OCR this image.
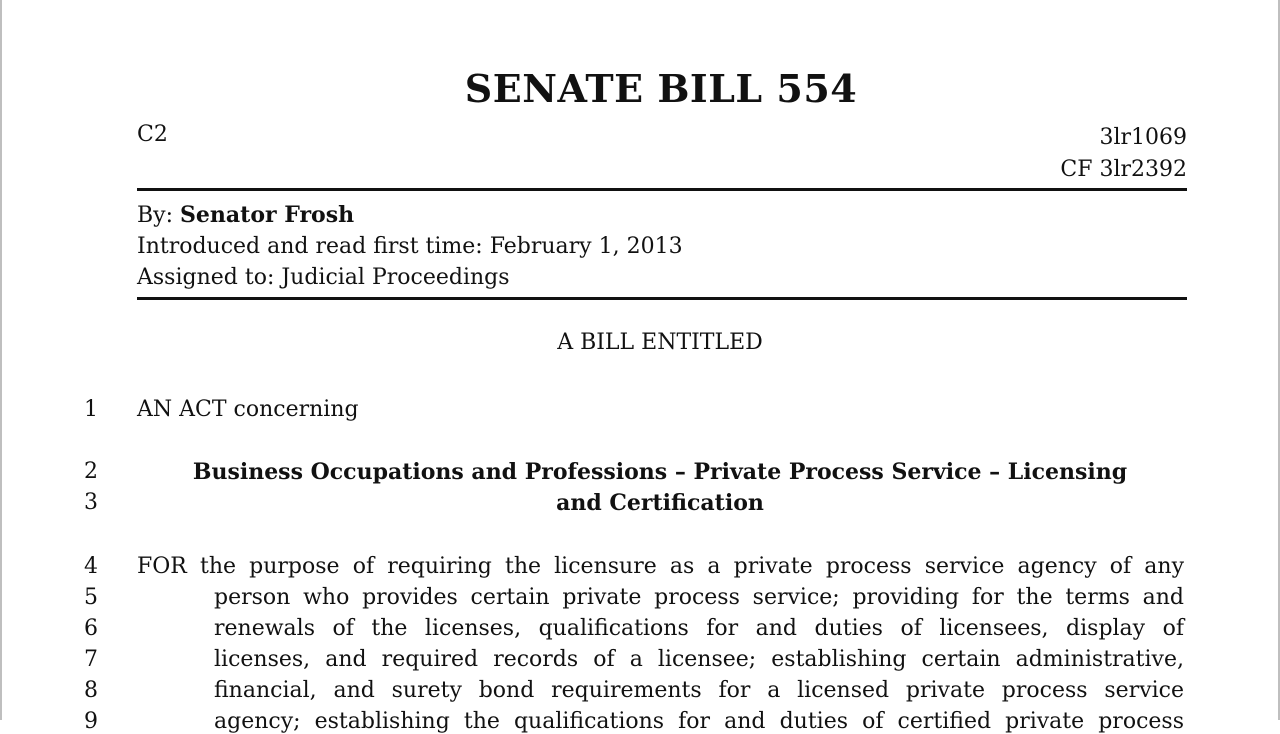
SENATE BILL 554
C2	3lr1069
CF 3lr2392
By: Senator Frosh
Introduced and read first time: February 1, 2013
Assigned to: Judicial Proceedings
A BILL ENTITLED
1 AN ACT concerning
2	Business Occupations and Professions – Private Process Service – Licensing
3	and Certification
4 FOR the purpose of requiring the licensure as a private process service agency of any
5	person who provides certain private process service; providing for the terms and
6	renewals of the licenses, qualifications for and duties of licensees, display of
7	licenses, and required records of a licensee; establishing certain administrative,
8	financial, and surety bond requirements for a licensed private process service
9	agency; establishing the qualifications for and duties of certified private process
